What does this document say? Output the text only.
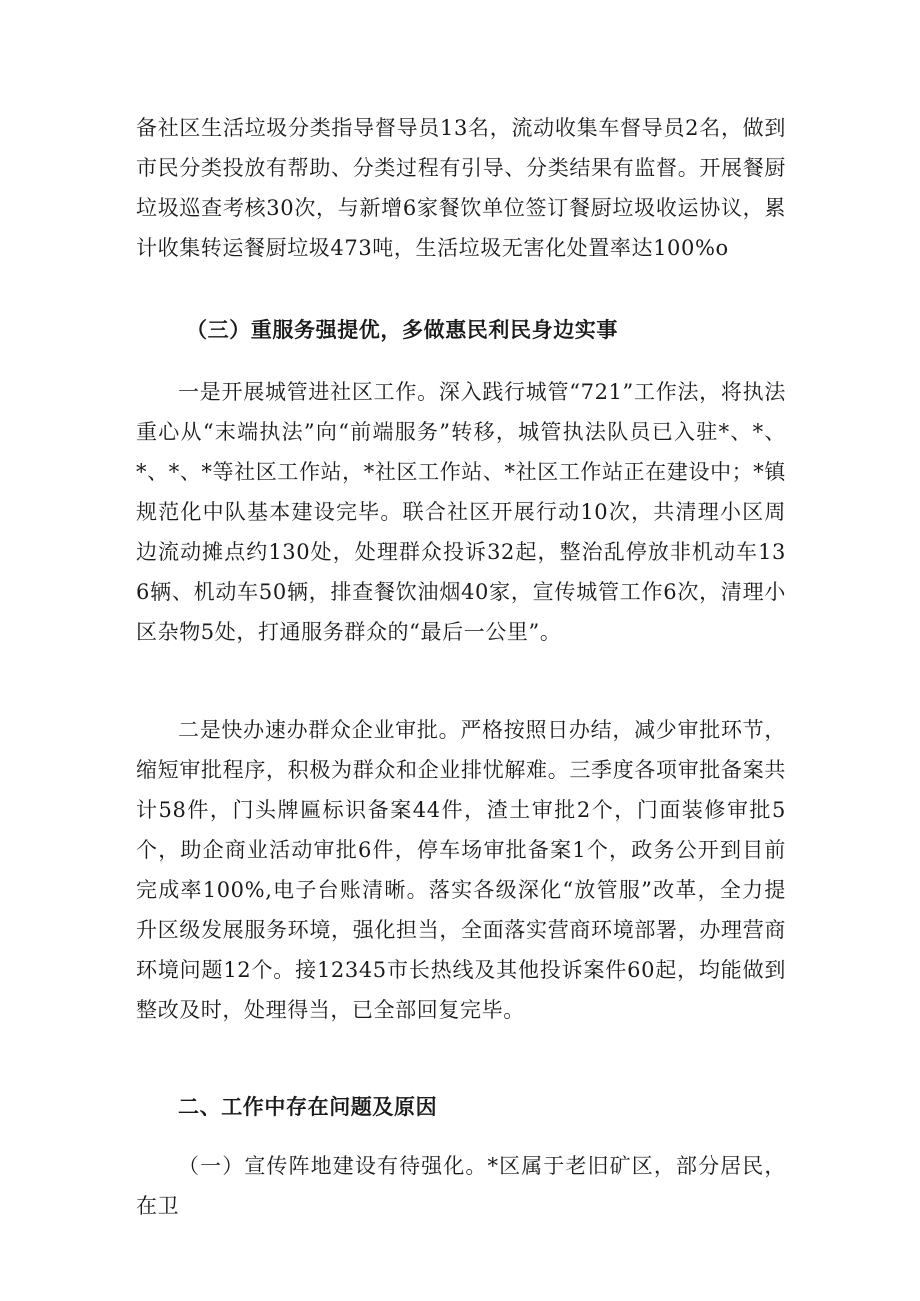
备社区生活垃圾分类指导督导员13名，流动收集车督导员2名，做到市民分类投放有帮助、分类过程有引导、分类结果有监督。开展餐厨垃圾巡查考核30次，与新增6家餐饮单位签订餐厨垃圾收运协议，累计收集转运餐厨垃圾473吨，生活垃圾无害化处置率达100%o

（三）重服务强提优，多做惠民利民身边实事

一是开展城管进社区工作。深入践行城管“721”工作法，将执法重心从“末端执法”向“前端服务”转移，城管执法队员已入驻*、*、*、*、*等社区工作站，*社区工作站、*社区工作站正在建设中；*镇规范化中队基本建设完毕。联合社区开展行动10次，共清理小区周边流动摊点约130处，处理群众投诉32起，整治乱停放非机动车136辆、机动车50辆，排查餐饮油烟40家，宣传城管工作6次，清理小区杂物5处，打通服务群众的“最后一公里”。

二是快办速办群众企业审批。严格按照日办结，减少审批环节，缩短审批程序，积极为群众和企业排忧解难。三季度各项审批备案共计58件，门头牌匾标识备案44件，渣土审批2个，门面装修审批5个，助企商业活动审批6件，停车场审批备案1个，政务公开到目前完成率100%,电子台账清晰。落实各级深化“放管服”改革，全力提升区级发展服务环境，强化担当，全面落实营商环境部署，办理营商环境问题12个。接12345市长热线及其他投诉案件60起，均能做到整改及时，处理得当，已全部回复完毕。

二、工作中存在问题及原因

（一）宣传阵地建设有待强化。*区属于老旧矿区，部分居民，在卫
